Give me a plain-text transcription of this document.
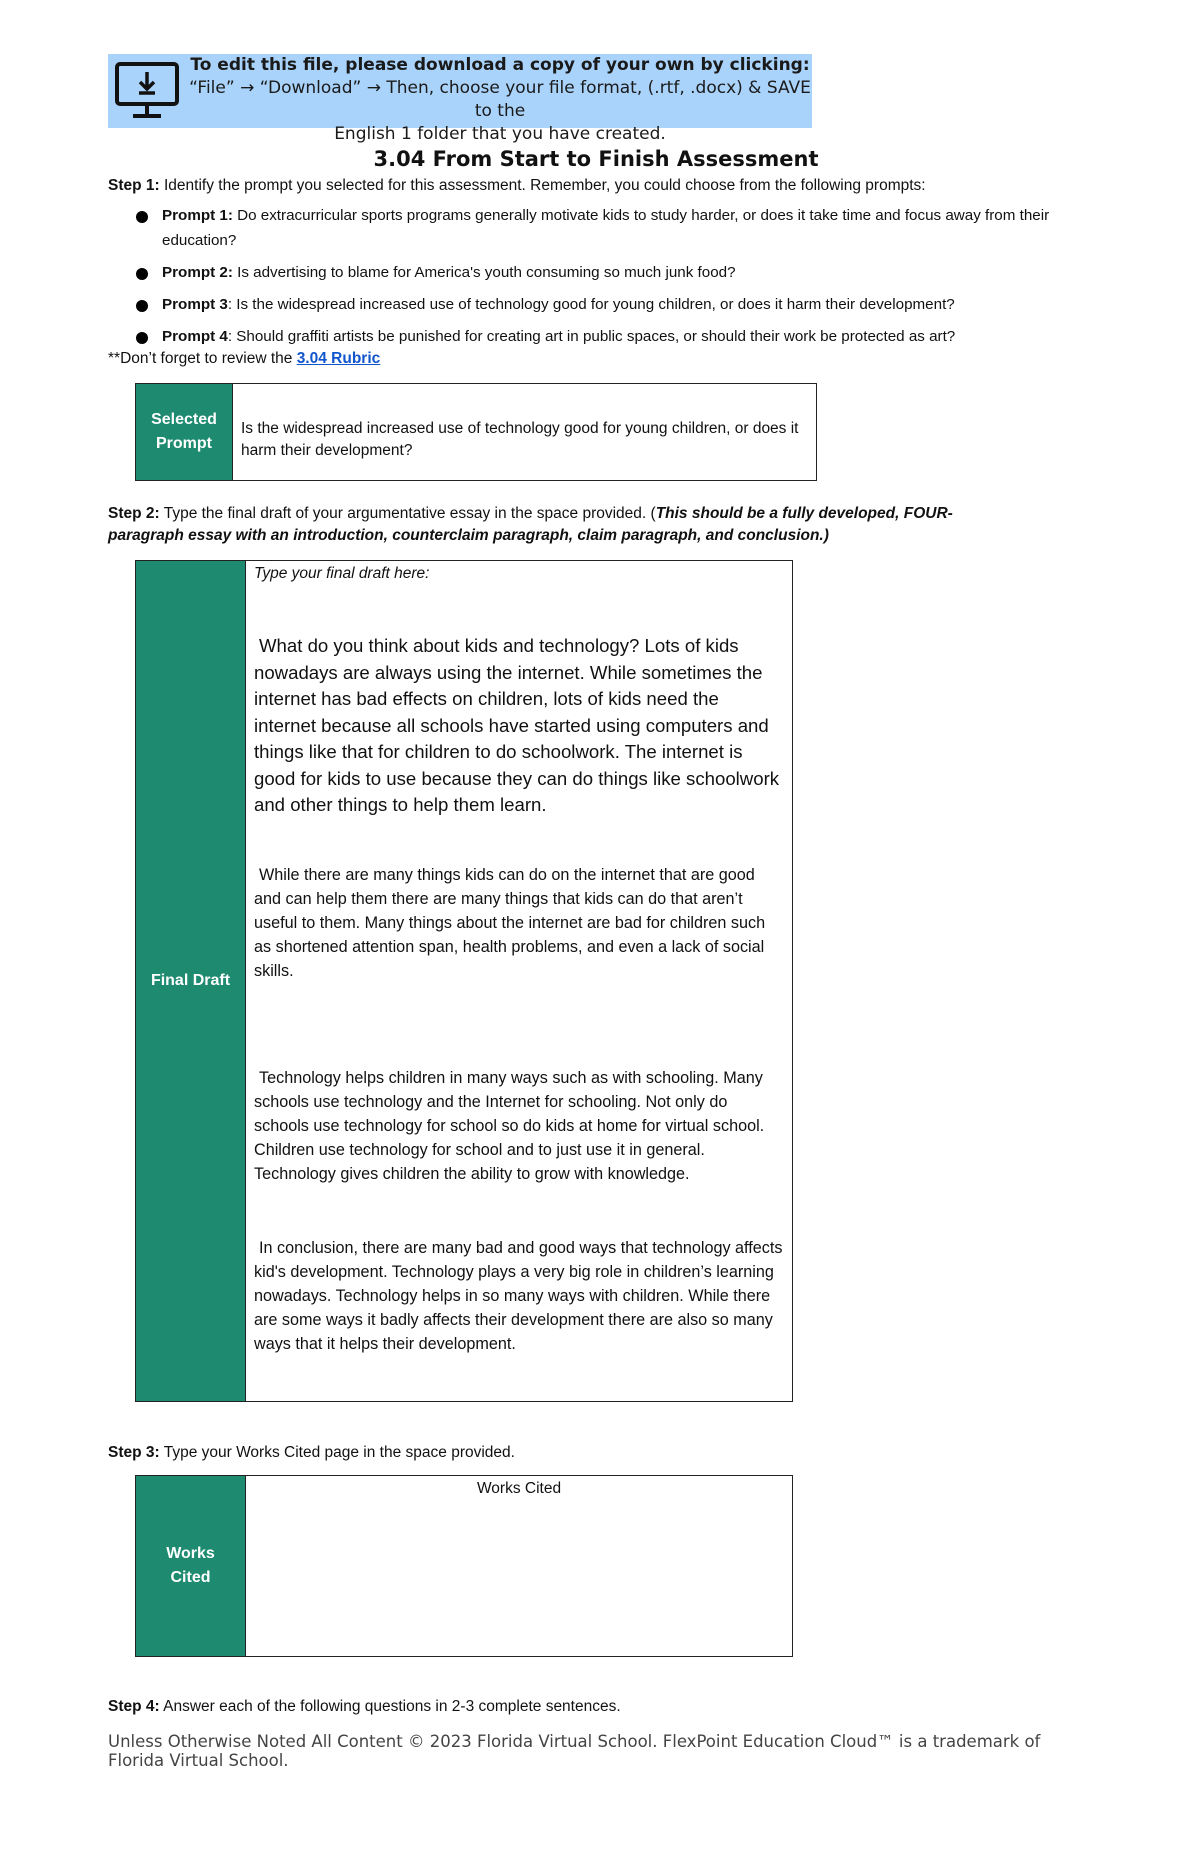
To edit this file, please download a copy of your own by clicking:
“File” → “Download” → Then, choose your file format, (.rtf, .docx) & SAVE to the
English 1 folder that you have created.
3.04 From Start to Finish Assessment
Step 1: Identify the prompt you selected for this assessment. Remember, you could choose from the following prompts:
Prompt 1: Do extracurricular sports programs generally motivate kids to study harder, or does it take time and focus away from their education?
Prompt 2: Is advertising to blame for America's youth consuming so much junk food?
Prompt 3: Is the widespread increased use of technology good for young children, or does it harm their development?
Prompt 4: Should graffiti artists be punished for creating art in public spaces, or should their work be protected as art?
**Don’t forget to review the 3.04 Rubric
Selected Prompt
Is the widespread increased use of technology good for young children, or does it harm their development?
Step 2: Type the final draft of your argumentative essay in the space provided. (This should be a fully developed, FOUR-paragraph essay with an introduction, counterclaim paragraph, claim paragraph, and conclusion.)
Final Draft
Type your final draft here:

What do you think about kids and technology? Lots of kids nowadays are always using the internet. While sometimes the internet has bad effects on children, lots of kids need the internet because all schools have started using computers and things like that for children to do schoolwork. The internet is good for kids to use because they can do things like schoolwork and other things to help them learn.

While there are many things kids can do on the internet that are good and can help them there are many things that kids can do that aren’t useful to them. Many things about the internet are bad for children such as shortened attention span, health problems, and even a lack of social skills.

Technology helps children in many ways such as with schooling. Many schools use technology and the Internet for schooling. Not only do schools use technology for school so do kids at home for virtual school. Children use technology for school and to just use it in general. Technology gives children the ability to grow with knowledge.

In conclusion, there are many bad and good ways that technology affects kid's development. Technology plays a very big role in children’s learning nowadays. Technology helps in so many ways with children. While there are some ways it badly affects their development there are also so many ways that it helps their development.

Step 3: Type your Works Cited page in the space provided.
Works Cited
Works Cited
Step 4: Answer each of the following questions in 2-3 complete sentences.
Unless Otherwise Noted All Content © 2023 Florida Virtual School. FlexPoint Education Cloud™ is a trademark of Florida Virtual School.
